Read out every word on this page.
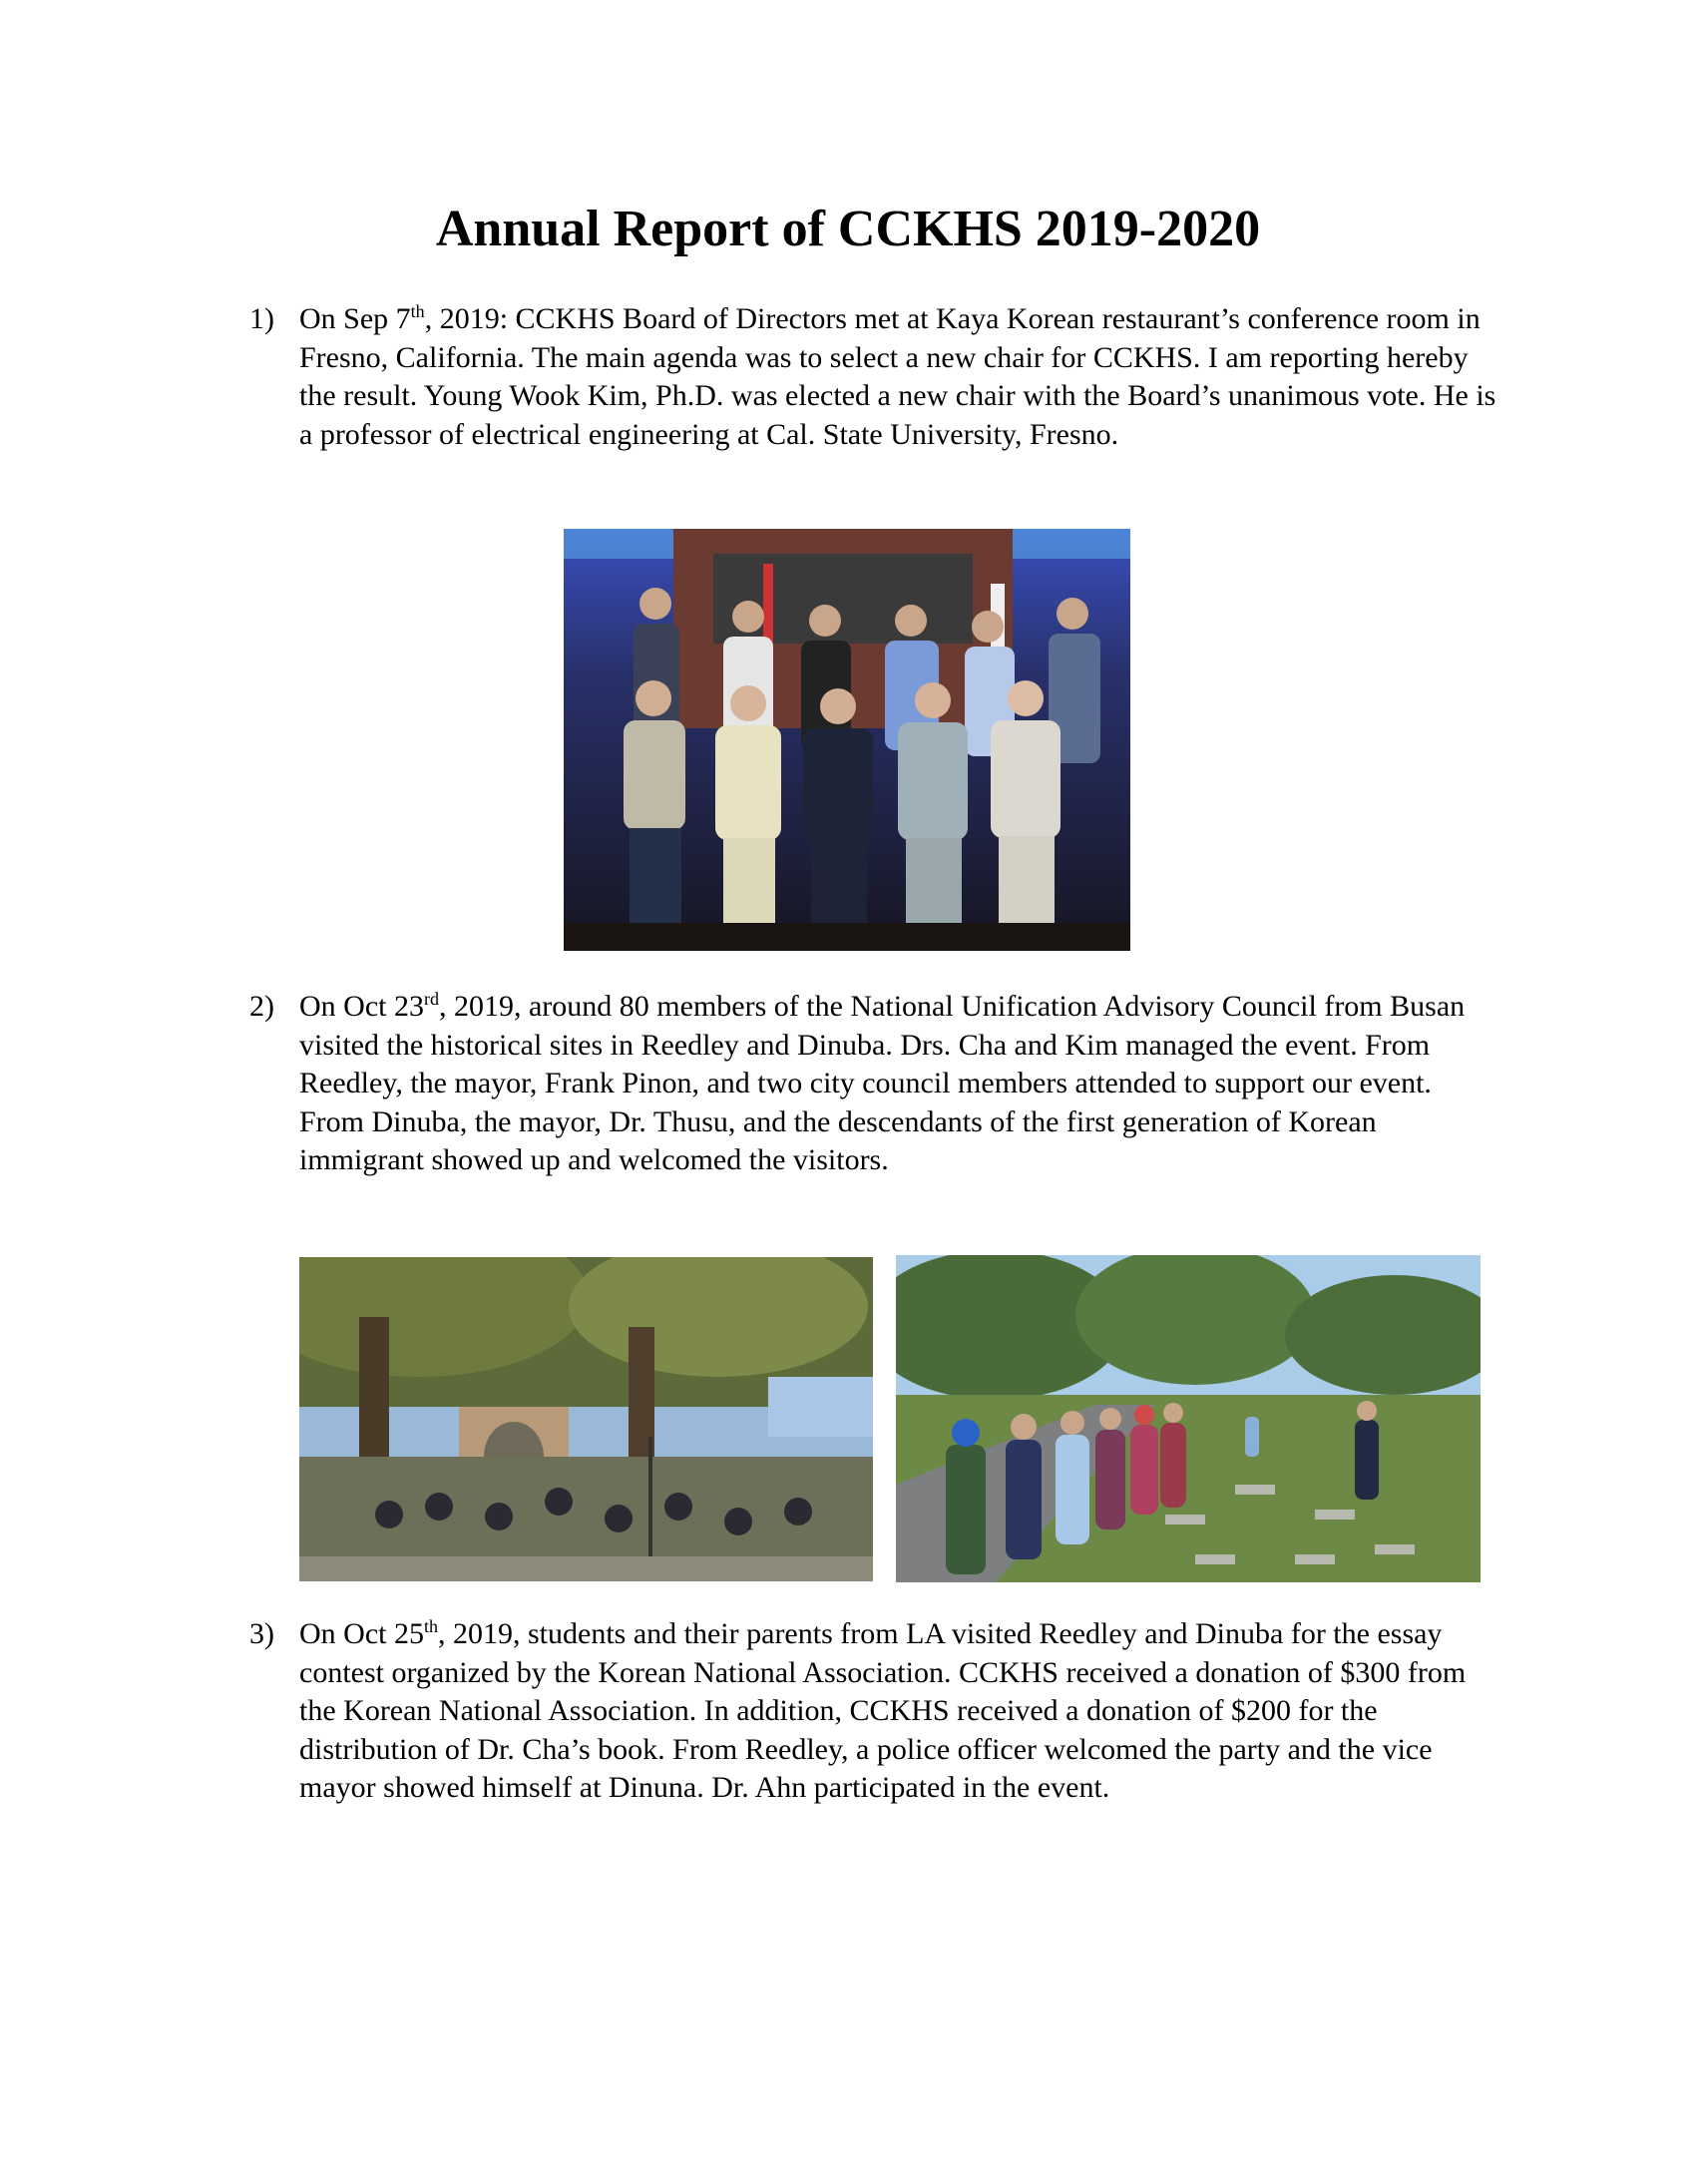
Annual Report of CCKHS 2019-2020
1) On Sep 7th, 2019: CCKHS Board of Directors met at Kaya Korean restaurant’s conference room in Fresno, California. The main agenda was to select a new chair for CCKHS. I am reporting hereby the result. Young Wook Kim, Ph.D. was elected a new chair with the Board’s unanimous vote. He is a professor of electrical engineering at Cal. State University, Fresno.
2) On Oct 23rd, 2019, around 80 members of the National Unification Advisory Council from Busan visited the historical sites in Reedley and Dinuba. Drs. Cha and Kim managed the event. From Reedley, the mayor, Frank Pinon, and two city council members attended to support our event. From Dinuba, the mayor, Dr. Thusu, and the descendants of the first generation of Korean immigrant showed up and welcomed the visitors.
3) On Oct 25th, 2019, students and their parents from LA visited Reedley and Dinuba for the essay contest organized by the Korean National Association. CCKHS received a donation of $300 from the Korean National Association. In addition, CCKHS received a donation of $200 for the distribution of Dr. Cha’s book. From Reedley, a police officer welcomed the party and the vice mayor showed himself at Dinuna. Dr. Ahn participated in the event.
